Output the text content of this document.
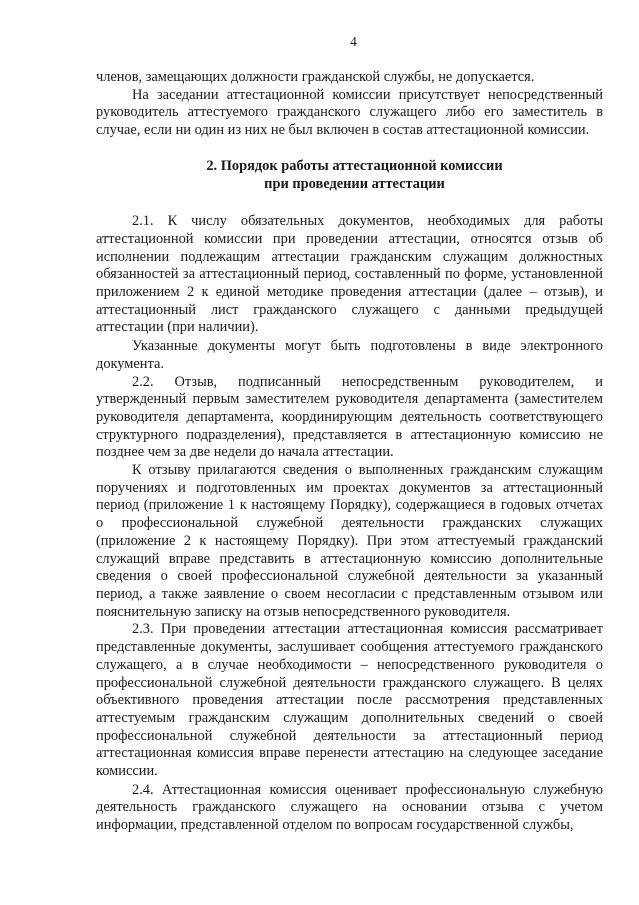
4

членов, замещающих должности гражданской службы, не допускается.

На заседании аттестационной комиссии присутствует непосредственный руководитель аттестуемого гражданского служащего либо его заместитель в случае, если ни один из них не был включен в состав аттестационной комиссии.

2. Порядок работы аттестационной комиссии
при проведении аттестации

2.1. К числу обязательных документов, необходимых для работы аттестационной комиссии при проведении аттестации, относятся отзыв об исполнении подлежащим аттестации гражданским служащим должностных обязанностей за аттестационный период, составленный по форме, установленной приложением 2 к единой методике проведения аттестации (далее – отзыв), и аттестационный лист гражданского служащего с данными предыдущей аттестации (при наличии).

Указанные документы могут быть подготовлены в виде электронного документа.

2.2. Отзыв, подписанный непосредственным руководителем, и утвержденный первым заместителем руководителя департамента (заместителем руководителя департамента, координирующим деятельность соответствующего структурного подразделения), представляется в аттестационную комиссию не позднее чем за две недели до начала аттестации.

К отзыву прилагаются сведения о выполненных гражданским служащим поручениях и подготовленных им проектах документов за аттестационный период (приложение 1 к настоящему Порядку), содержащиеся в годовых отчетах о профессиональной служебной деятельности гражданских служащих (приложение 2 к настоящему Порядку). При этом аттестуемый гражданский служащий вправе представить в аттестационную комиссию дополнительные сведения о своей профессиональной служебной деятельности за указанный период, а также заявление о своем несогласии с представленным отзывом или пояснительную записку на отзыв непосредственного руководителя.

2.3. При проведении аттестации аттестационная комиссия рассматривает представленные документы, заслушивает сообщения аттестуемого гражданского служащего, а в случае необходимости – непосредственного руководителя о профессиональной служебной деятельности гражданского служащего. В целях объективного проведения аттестации после рассмотрения представленных аттестуемым гражданским служащим дополнительных сведений о своей профессиональной служебной деятельности за аттестационный период аттестационная комиссия вправе перенести аттестацию на следующее заседание комиссии.

2.4. Аттестационная комиссия оценивает профессиональную служебную деятельность гражданского служащего на основании отзыва с учетом информации, представленной отделом по вопросам государственной службы,
